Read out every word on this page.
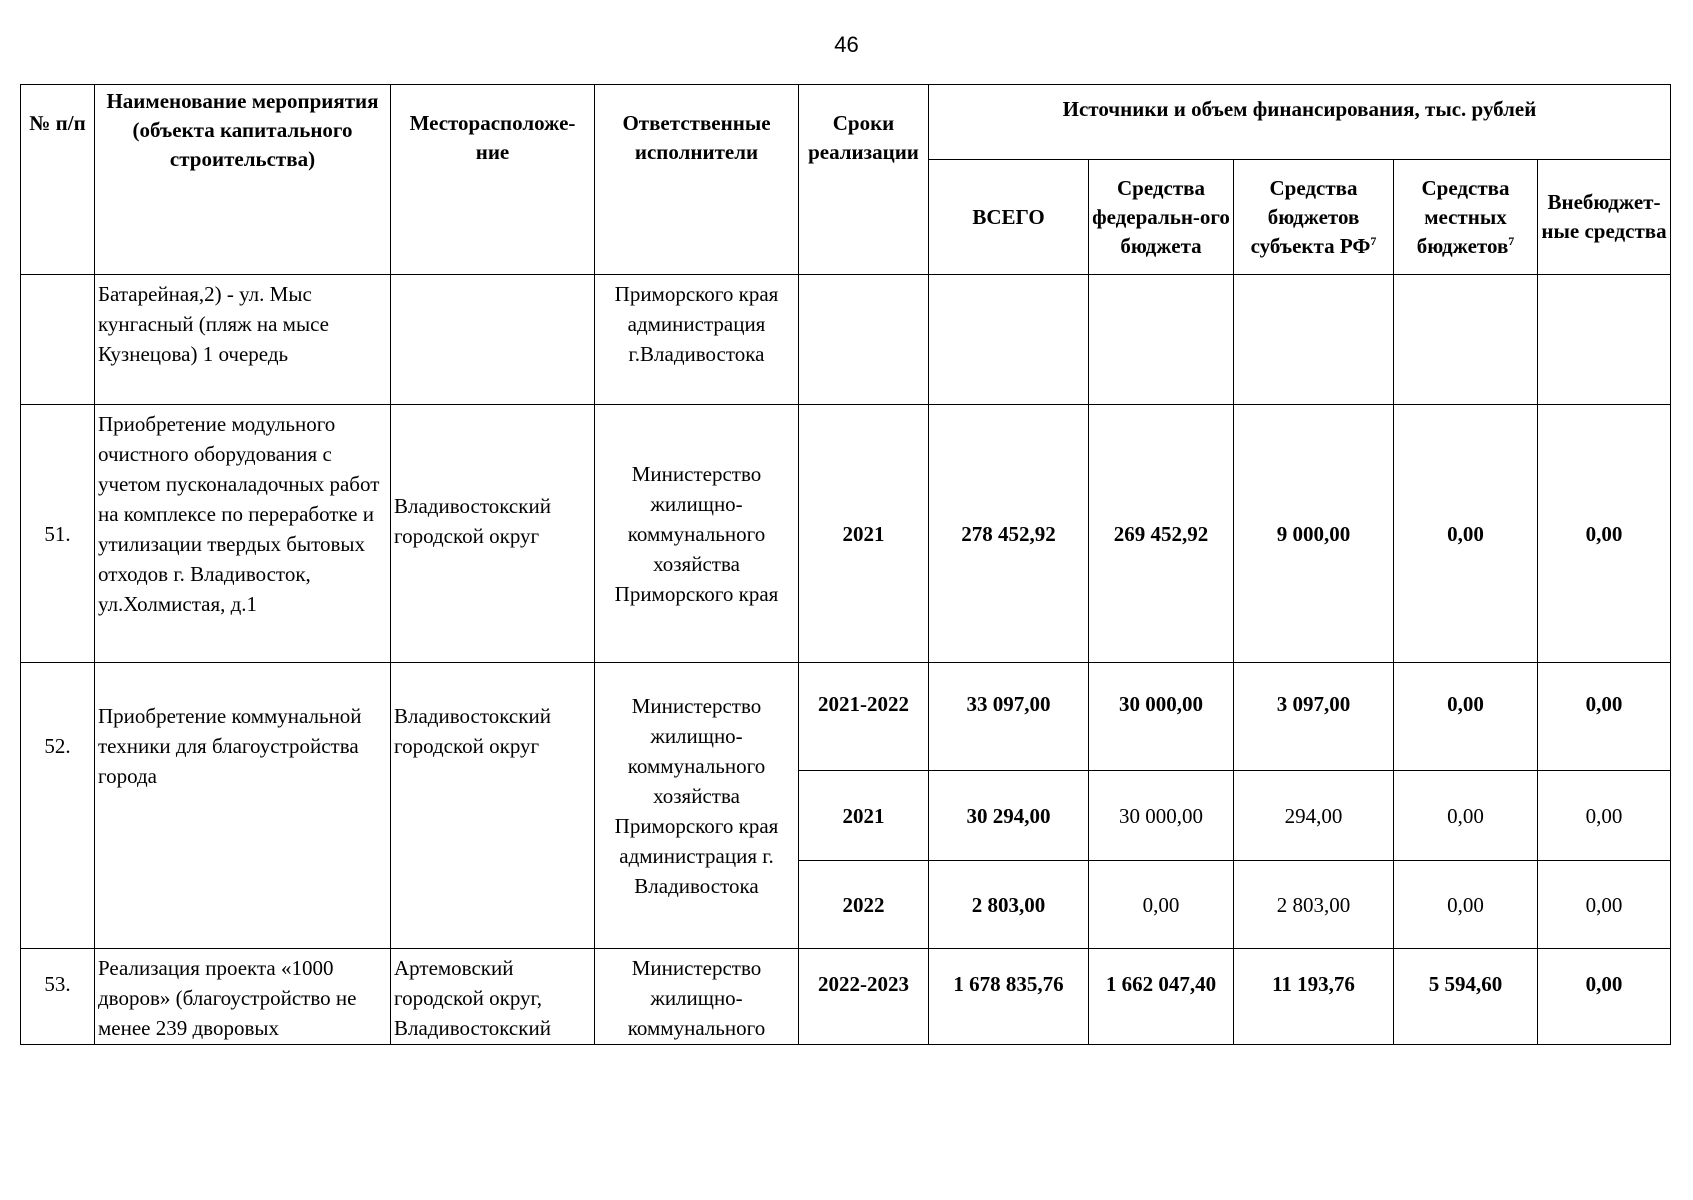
46
№ п/п	Наименование мероприятия (объекта капитального строительства)	Месторасположе-ние	Ответственные исполнители	Сроки реализации	Источники и объем финансирования, тыс. рублей				
					ВСЕГО	Средства федеральн-ого бюджета	Средства бюджетов субъекта $РФ^7$	Средства местных бюджетов$^7$	Внебюджет-ные средства
	Батарейная,2) - ул. Мыс кунгасный (пляж на мысе Кузнецова) 1 очередь		Приморского края администрация г.Владивостока						
51.	Приобретение модульного очистного оборудования с учетом пусконаладочных работ на комплексе по переработке и утилизации твердых бытовых отходов г. Владивосток, ул.Холмистая, д.1	Владивостокский городской округ	Министерство жилищно-коммунального хозяйства Приморского края	2021	278 452,92	269 452,92	9 000,00	0,00	0,00
52.	Приобретение коммунальной техники для благоустройства города	Владивостокский городской округ	Министерство жилищно-коммунального хозяйства Приморского края администрация г. Владивостока	2021-2022	33 097,00	30 000,00	3 097,00	0,00	0,00
				2021	30 294,00	30 000,00	294,00	0,00	0,00
				2022	2 803,00	0,00	2 803,00	0,00	0,00
53.	Реализация проекта «1000 дворов» (благоустройство не менее 239 дворовых	Артемовский городской округ, Владивостокский	Министерство жилищно-коммунального	2022-2023	1 678 835,76	1 662 047,40	11 193,76	5 594,60	0,00
